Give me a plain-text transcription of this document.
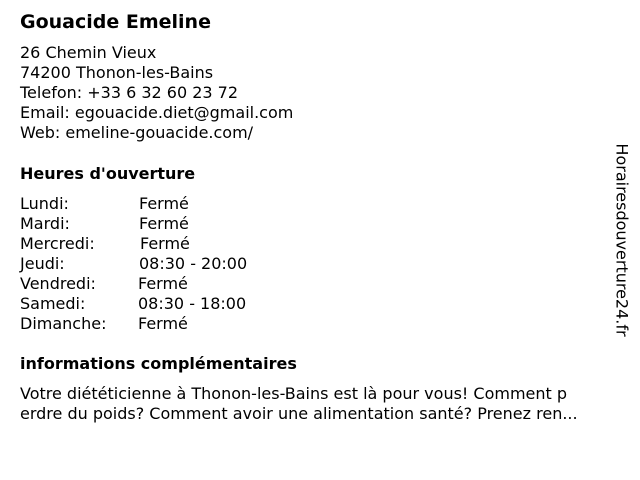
Gouacide Emeline
26 Chemin Vieux
74200 Thonon-les-Bains
Telefon: +33 6 32 60 23 72
Email: egouacide.diet@gmail.com
Web: emeline-gouacide.com/
Heures d'ouverture
Lundi:	Fermé
Mardi:	Fermé
Mercredi:	Fermé
Jeudi:	08:30 - 20:00
Vendredi:	Fermé
Samedi:	08:30 - 18:00
Dimanche: Fermé
informations complémentaires
Votre diététicienne à Thonon-les-Bains est là pour vous! Comment p
erdre du poids? Comment avoir une alimentation santé? Prenez ren...
Horairesdouverture24.fr
